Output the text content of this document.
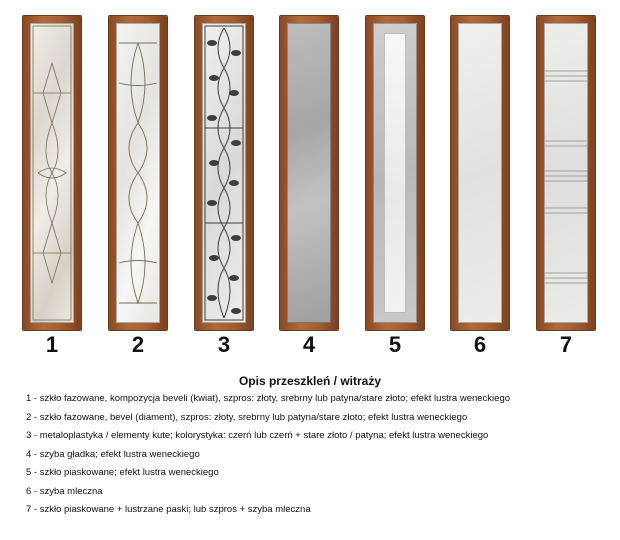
1	2	3	4	5	6	7
Opis przeszkleń / witraży
1 - szkło fazowane, kompozycja beveli (kwiat), szpros: złoty, srebrny lub patyna/stare złoto; efekt lustra weneckiego
2 - szkło fazowane, bevel (diament), szpros: złoty, srebrny lub patyna/stare złoto; efekt lustra weneckiego
3 - metaloplastyka / elementy kute; kolorystyka: czerń lub czerń + stare złoto / patyna; efekt lustra weneckiego
4 - szyba gładka; efekt lustra weneckiego
5 - szkło piaskowane; efekt lustra weneckiego
6 - szyba mleczna
7 - szkło piaskowane + lustrzane paski; lub szpros + szyba mleczna
